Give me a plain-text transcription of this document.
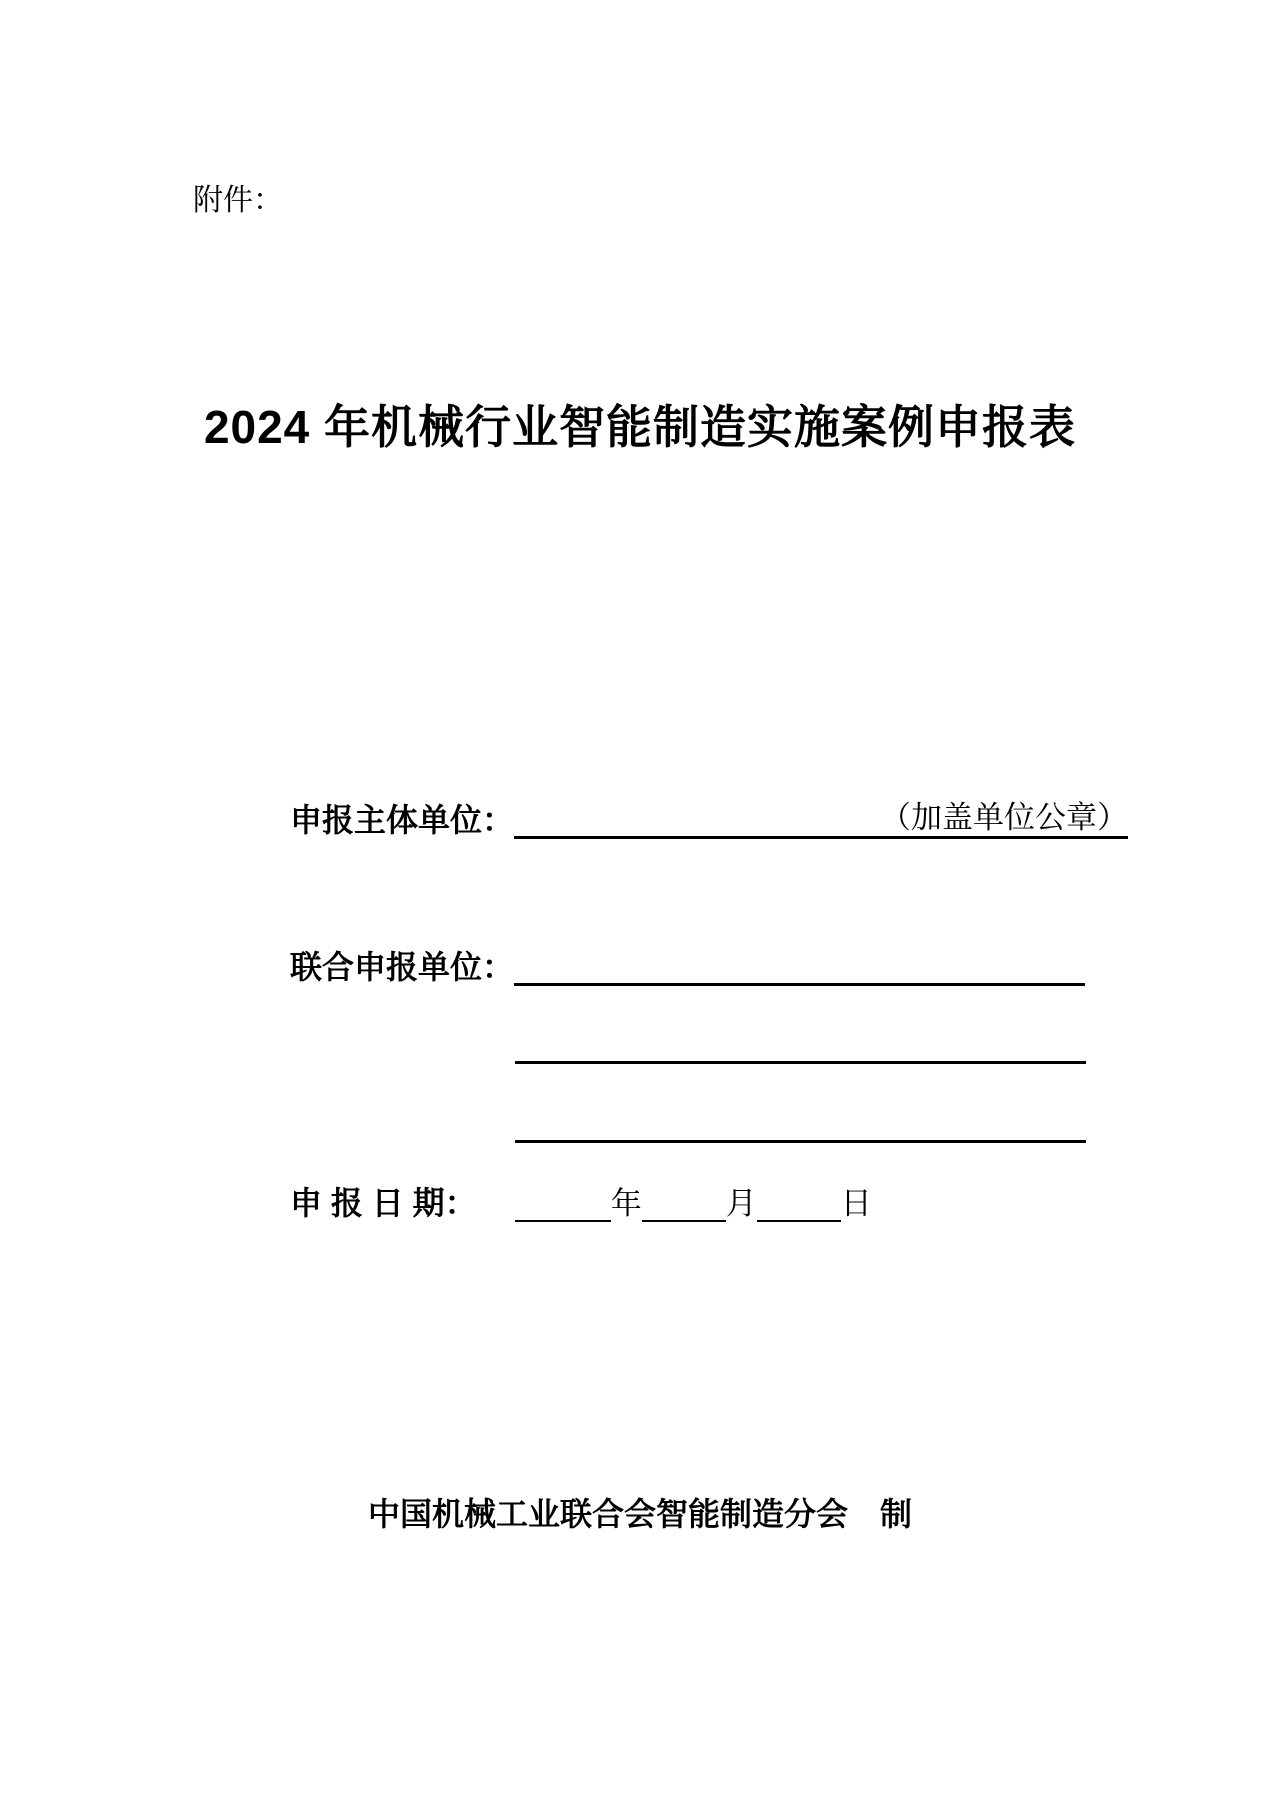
附件：
2024 年机械行业智能制造实施案例申报表
申报主体单位：	（加盖单位公章）
联合申报单位：
申 报 日 期：	年	月	日
中国机械工业联合会智能制造分会　制
